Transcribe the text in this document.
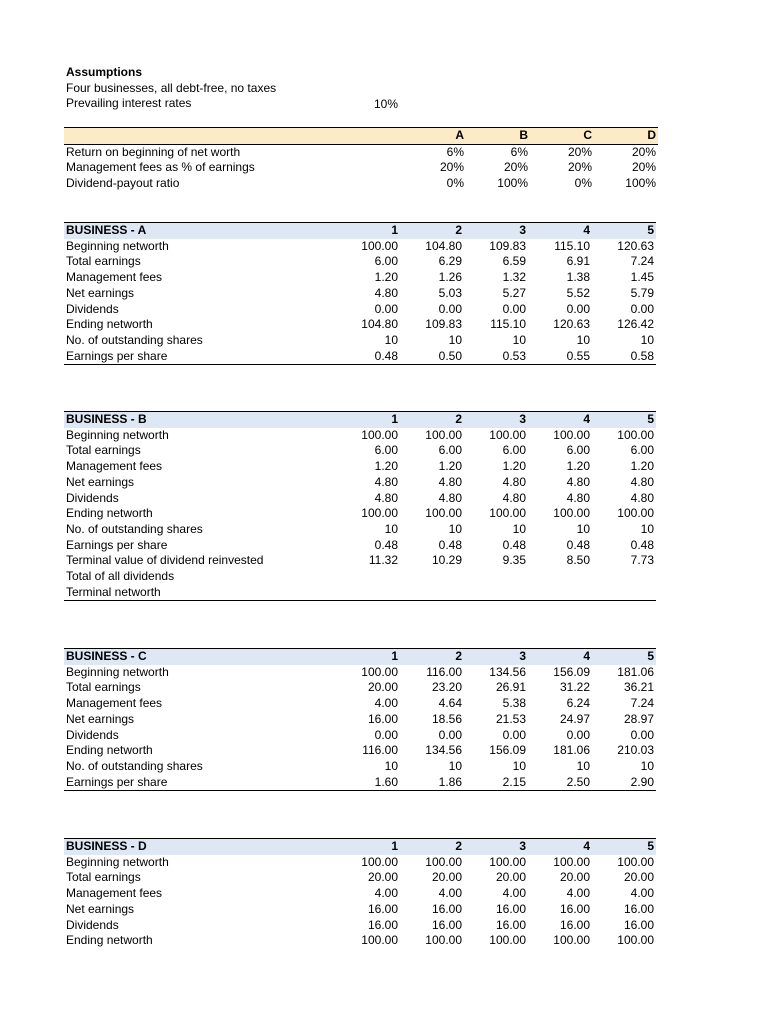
Assumptions
Four businesses, all debt-free, no taxes
Prevailing interest rates	10%
	A	B	C	D
Return on beginning of net worth	6%	6%	20%	20%
Management fees as % of earnings	20%	20%	20%	20%
Dividend-payout ratio	0%	100%	0%	100%
BUSINESS - A	1	2	3	4	5
Beginning networth	100.00	104.80	109.83	115.10	120.63
Total earnings	6.00	6.29	6.59	6.91	7.24
Management fees	1.20	1.26	1.32	1.38	1.45
Net earnings	4.80	5.03	5.27	5.52	5.79
Dividends	0.00	0.00	0.00	0.00	0.00
Ending networth	104.80	109.83	115.10	120.63	126.42
No. of outstanding shares	10	10	10	10	10
Earnings per share	0.48	0.50	0.53	0.55	0.58
BUSINESS - B	1	2	3	4	5
Beginning networth	100.00	100.00	100.00	100.00	100.00
Total earnings	6.00	6.00	6.00	6.00	6.00
Management fees	1.20	1.20	1.20	1.20	1.20
Net earnings	4.80	4.80	4.80	4.80	4.80
Dividends	4.80	4.80	4.80	4.80	4.80
Ending networth	100.00	100.00	100.00	100.00	100.00
No. of outstanding shares	10	10	10	10	10
Earnings per share	0.48	0.48	0.48	0.48	0.48
Terminal value of dividend reinvested	11.32	10.29	9.35	8.50	7.73
Total of all dividends					
Terminal networth					
BUSINESS - C	1	2	3	4	5
Beginning networth	100.00	116.00	134.56	156.09	181.06
Total earnings	20.00	23.20	26.91	31.22	36.21
Management fees	4.00	4.64	5.38	6.24	7.24
Net earnings	16.00	18.56	21.53	24.97	28.97
Dividends	0.00	0.00	0.00	0.00	0.00
Ending networth	116.00	134.56	156.09	181.06	210.03
No. of outstanding shares	10	10	10	10	10
Earnings per share	1.60	1.86	2.15	2.50	2.90
BUSINESS - D	1	2	3	4	5
Beginning networth	100.00	100.00	100.00	100.00	100.00
Total earnings	20.00	20.00	20.00	20.00	20.00
Management fees	4.00	4.00	4.00	4.00	4.00
Net earnings	16.00	16.00	16.00	16.00	16.00
Dividends	16.00	16.00	16.00	16.00	16.00
Ending networth	100.00	100.00	100.00	100.00	100.00
